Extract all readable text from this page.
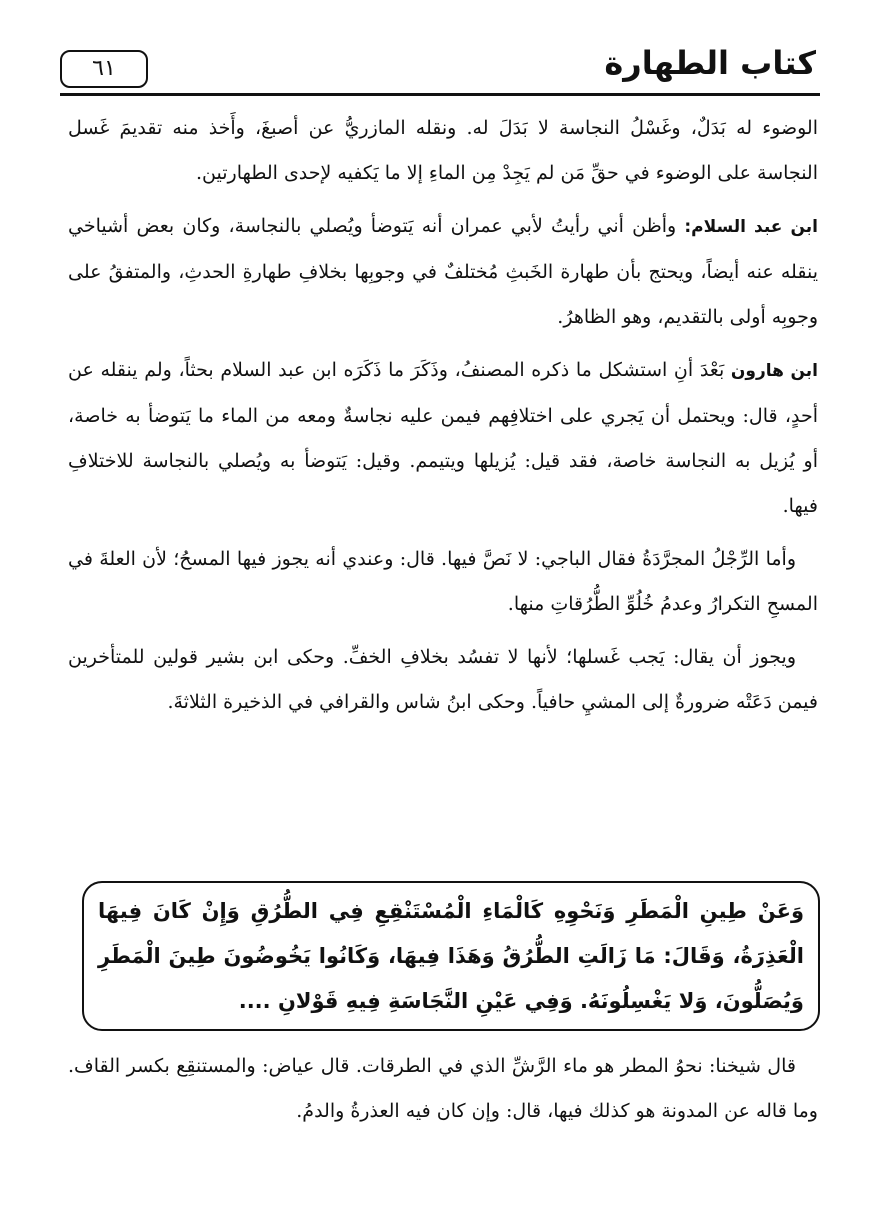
كتاب الطهارة
٦١

الوضوء له بَدَلٌ، وغَسْلُ النجاسة لا بَدَلَ له. ونقله المازريُّ عن أصبغَ، وأَخذ منه تقديمَ غَسل النجاسة على الوضوء في حقِّ مَن لم يَجِدْ مِن الماءِ إلا ما يَكفيه لإحدى الطهارتين.

ابن عبد السلام: وأظن أني رأيتُ لأبي عمران أنه يَتوضأ ويُصلي بالنجاسة، وكان بعض أشياخي ينقله عنه أيضاً، ويحتج بأن طهارة الخَبثِ مُختلفٌ في وجوبِها بخلافِ طهارةِ الحدثِ، والمتفقُ على وجوبِه أولى بالتقديم، وهو الظاهرُ.

ابن هارون بَعْدَ أنِ استشكل ما ذكره المصنفُ، وذَكَرَ ما ذَكَرَه ابن عبد السلام بحثاً، ولم ينقله عن أحدٍ، قال: ويحتمل أن يَجري على اختلافِهم فيمن عليه نجاسةٌ ومعه من الماء ما يَتوضأ به خاصة، أو يُزيل به النجاسة خاصة، فقد قيل: يُزيلها ويتيمم. وقيل: يَتوضأ به ويُصلي بالنجاسة للاختلافِ فيها.

وأما الرِّجْلُ المجرَّدَةُ فقال الباجي: لا نَصَّ فيها. قال: وعندي أنه يجوز فيها المسحُ؛ لأن العلةَ في المسحِ التكرارُ وعدمُ خُلُوِّ الطُّرُقاتِ منها.

ويجوز أن يقال: يَجب غَسلها؛ لأنها لا تفسُد بخلافِ الخفِّ. وحكى ابن بشير قولين للمتأخرين فيمن دَعَتْه ضرورةٌ إلى المشيِ حافياً. وحكى ابنُ شاس والقرافي في الذخيرة الثلاثةَ.

وَعَنْ طِينِ الْمَطَرِ وَنَحْوِهِ كَالْمَاءِ الْمُسْتَنْقِعِ فِي الطُّرُقِ وَإِنْ كَانَ فِيهَا الْعَذِرَةُ، وَقَالَ: مَا زَالَتِ الطُّرُقُ وَهَذَا فِيهَا، وَكَانُوا يَخُوضُونَ طِينَ الْمَطَرِ وَيُصَلُّونَ، وَلا يَغْسِلُونَهُ. وَفِي عَيْنِ النَّجَاسَةِ فِيهِ قَوْلانِ ....

قال شيخنا: نحوُ المطر هو ماء الرَّشِّ الذي في الطرقات. قال عياض: والمستنقِع بكسر القاف. وما قاله عن المدونة هو كذلك فيها، قال: وإن كان فيه العذرةُ والدمُ.
